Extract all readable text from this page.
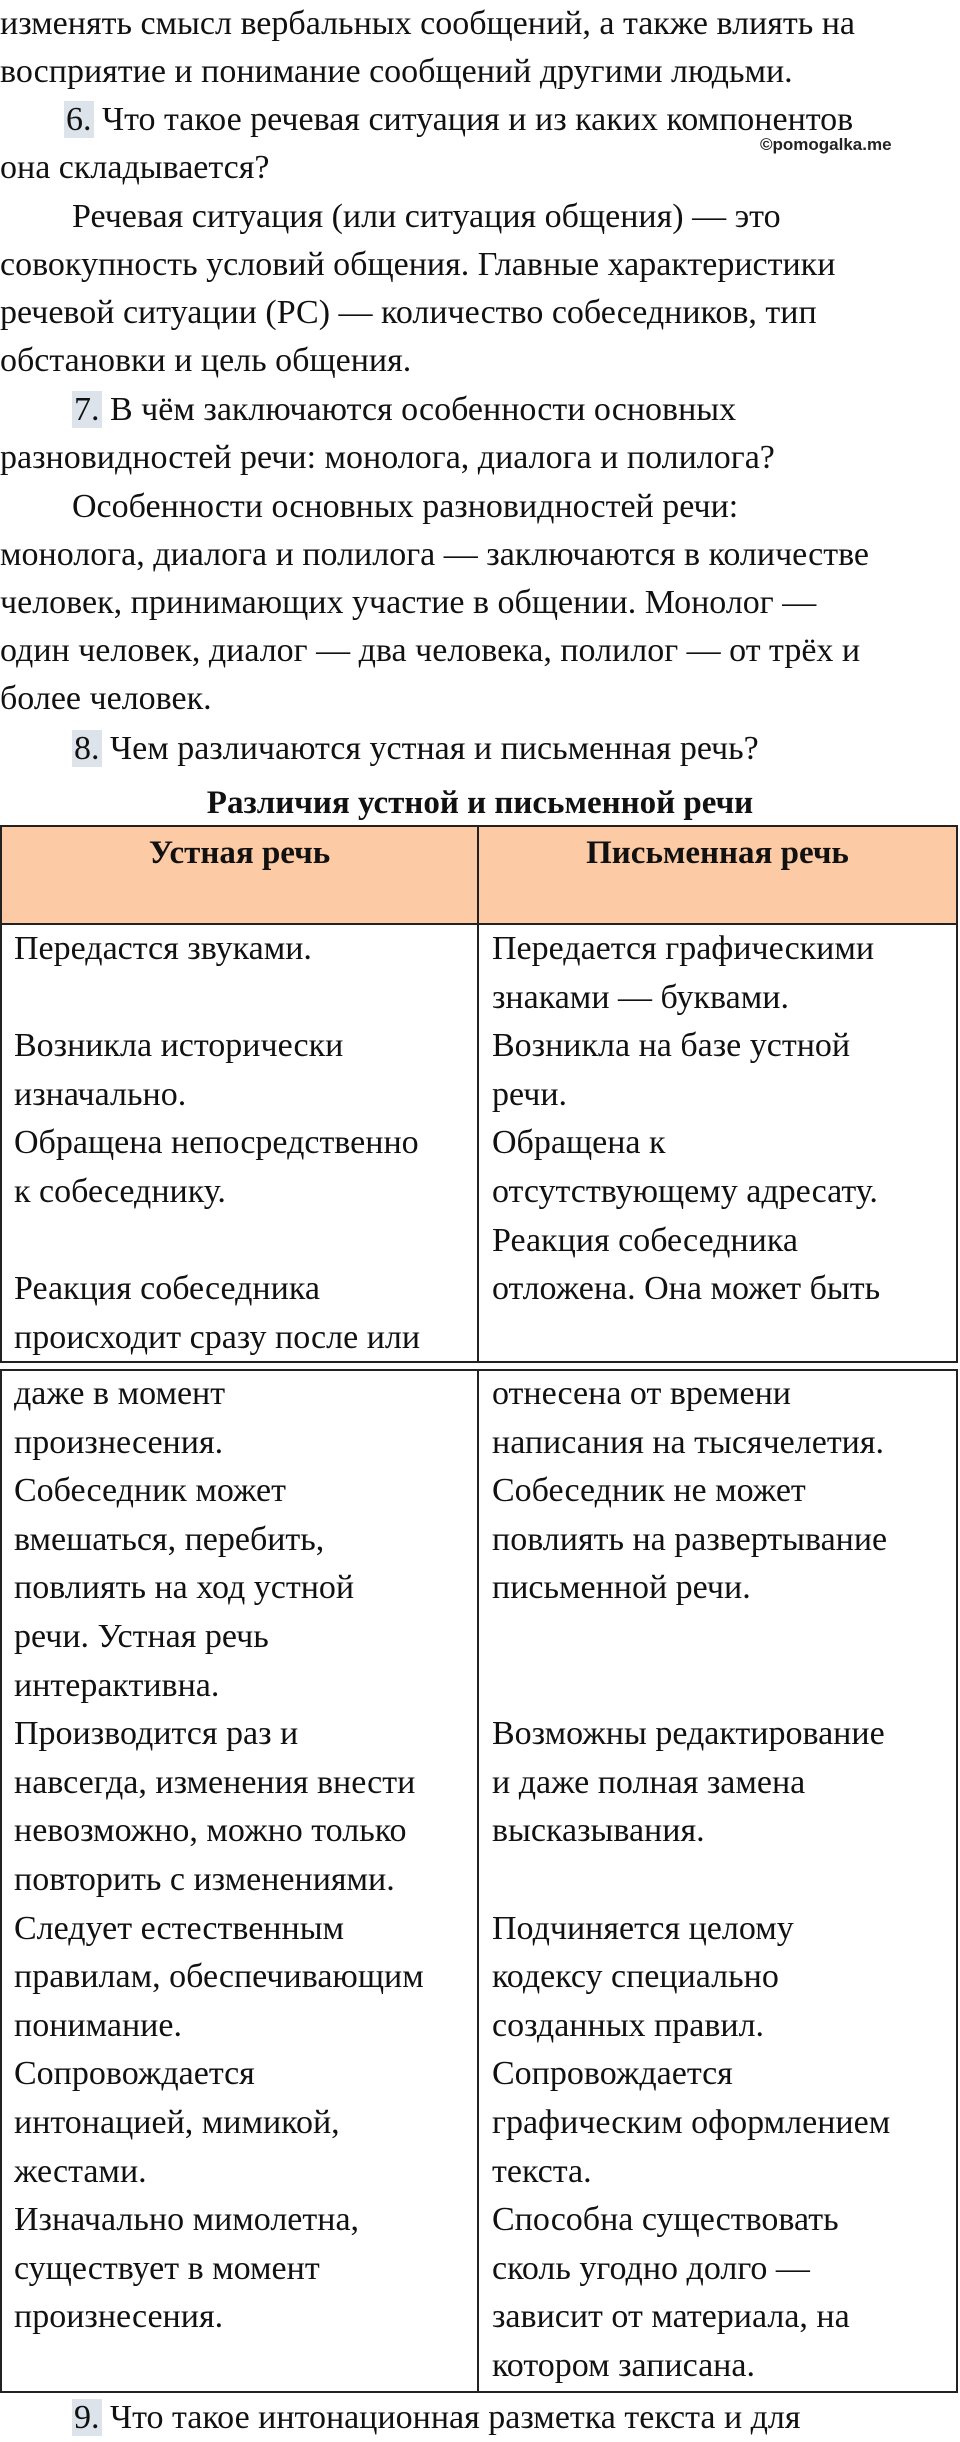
изменять смысл вербальных сообщений, а также влиять на
восприятие и понимание сообщений другими людьми.
6. Что такое речевая ситуация и из каких компонентов
она складывается?
©pomogalka.me
Речевая ситуация (или ситуация общения) — это
совокупность условий общения. Главные характеристики
речевой ситуации (РС) — количество собеседников, тип
обстановки и цель общения.
7. В чём заключаются особенности основных
разновидностей речи: монолога, диалога и полилога?
Особенности основных разновидностей речи:
монолога, диалога и полилога — заключаются в количестве
человек, принимающих участие в общении. Монолог —
один человек, диалог — два человека, полилог — от трёх и
более человек.
8. Чем различаются устная и письменная речь?
Различия устной и письменной речи
Устная речь	Письменная речь
Передастся звуками.
Возникла исторически
изначально.
Обращена непосредственно
к собеседнику.
Реакция собеседника
происходит сразу после или
Передается графическими
знаками — буквами.
Возникла на базе устной
речи.
Обращена к
отсутствующему адресату.
Реакция собеседника
отложена. Она может быть
даже в момент
произнесения.
Собеседник может
вмешаться, перебить,
повлиять на ход устной
речи. Устная речь
интерактивна.
Производится раз и
навсегда, изменения внести
невозможно, можно только
повторить с изменениями.
Следует естественным
правилам, обеспечивающим
понимание.
Сопровождается
интонацией, мимикой,
жестами.
Изначально мимолетна,
существует в момент
произнесения.
отнесена от времени
написания на тысячелетия.
Собеседник не может
повлиять на развертывание
письменной речи.
Возможны редактирование
и даже полная замена
высказывания.
Подчиняется целому
кодексу специально
созданных правил.
Сопровождается
графическим оформлением
текста.
Способна существовать
сколь угодно долго —
зависит от материала, на
котором записана.
9. Что такое интонационная разметка текста и для
